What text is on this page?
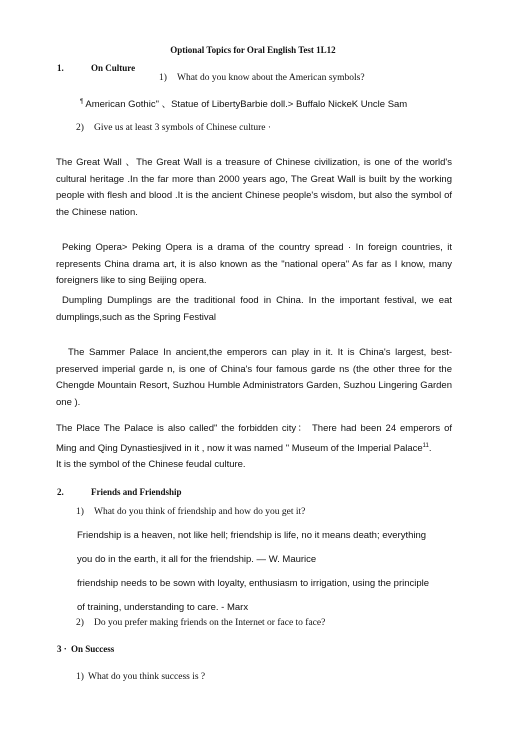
Optional Topics for Oral English Test 1L12
1.	On Culture
1) What do you know about the American symbols?
¶ American Gothic" 、Statue of LibertyBarbie doll.> Buffalo NickeK Uncle Sam
2) Give us at least 3 symbols of Chinese culture ·
The Great Wall 、The Great Wall is a treasure of Chinese civilization, is one of the world's cultural heritage .In the far more than 2000 years ago, The Great Wall is built by the working people with flesh and blood .It is the ancient Chinese people's wisdom, but also the symbol of the Chinese nation.
Peking Opera> Peking Opera is a drama of the country spread · In foreign countries, it represents China drama art, it is also known as the "national opera" As far as I know, many foreigners like to sing Beijing opera.
Dumpling Dumplings are the traditional food in China. In the important festival, we eat dumplings,such as the Spring Festival
The Sammer Palace In ancient,the emperors can play in it. It is China's largest, best-preserved imperial garde n, is one of China's four famous garde ns (the other three for the Chengde Mountain Resort, Suzhou Humble Administrators Garden, Suzhou Lingering Garden one ).
The Place The Palace is also called" the forbidden city： There had been 24 emperors of Ming and Qing Dynastiesjived in it , now it was named " Museum of the Imperial Palace$^{11}$.
It is the symbol of the Chinese feudal culture.
2.	Friends and Friendship
1) What do you think of friendship and how do you get it?
Friendship is a heaven, not like hell; friendship is life, no it means death; everything
you do in the earth, it all for the friendship. — W. Maurice
friendship needs to be sown with loyalty, enthusiasm to irrigation, using the principle
of training, understanding to care. - Marx
2) Do you prefer making friends on the Internet or face to face?
3 · On Success
1) What do you think success is ?
